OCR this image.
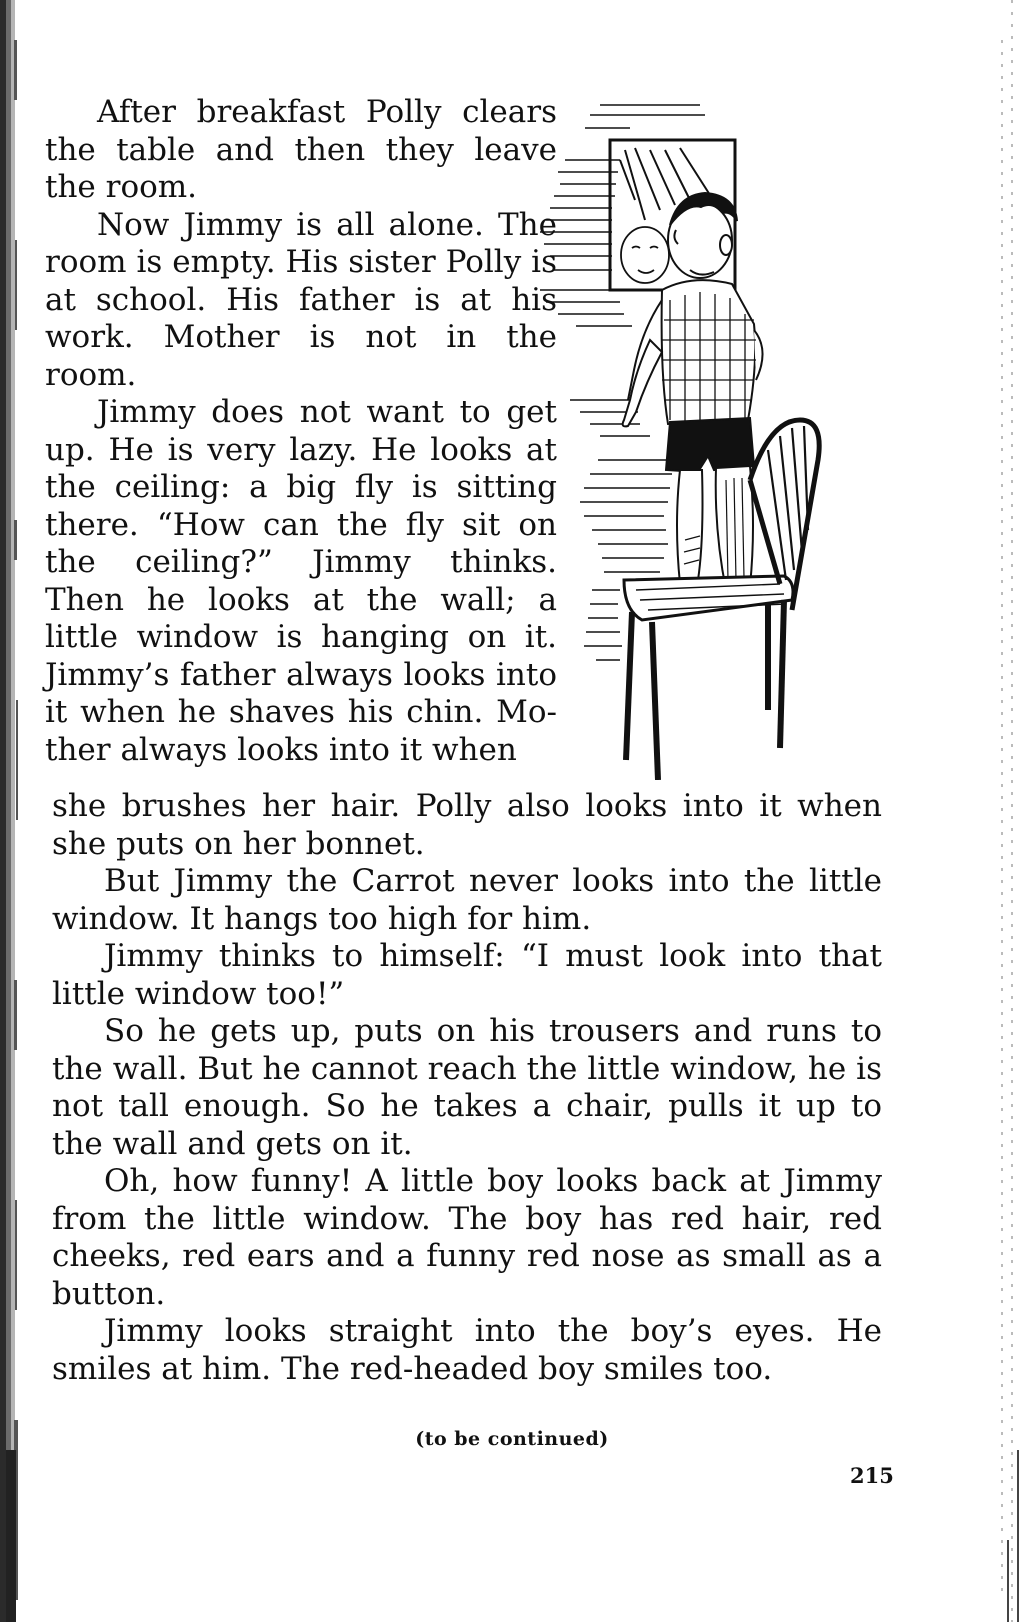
After breakfast Polly clears the table and then they leave the room.

Now Jimmy is all alone. The room is empty. His sister Polly is at school. His father is at his work. Mother is not in the room.

Jimmy does not want to get up. He is very lazy. He looks at the ceiling: a big fly is sitting there. “How can the fly sit on the ceiling?” Jimmy thinks. Then he looks at the wall; a little window is hanging on it. Jimmy’s father always looks into it when he shaves his chin. Mo-ther always looks into it when

she brushes her hair. Polly also looks into it when she puts on her bonnet.

But Jimmy the Carrot never looks into the little window. It hangs too high for him.

Jimmy thinks to himself: “I must look into that little window too!”

So he gets up, puts on his trousers and runs to the wall. But he cannot reach the little window, he is not tall enough. So he takes a chair, pulls it up to the wall and gets on it.

Oh, how funny! A little boy looks back at Jimmy from the little window. The boy has red hair, red cheeks, red ears and a funny red nose as small as a button.

Jimmy looks straight into the boy’s eyes. He smiles at him. The red-headed boy smiles too.

(to be continued)
215
